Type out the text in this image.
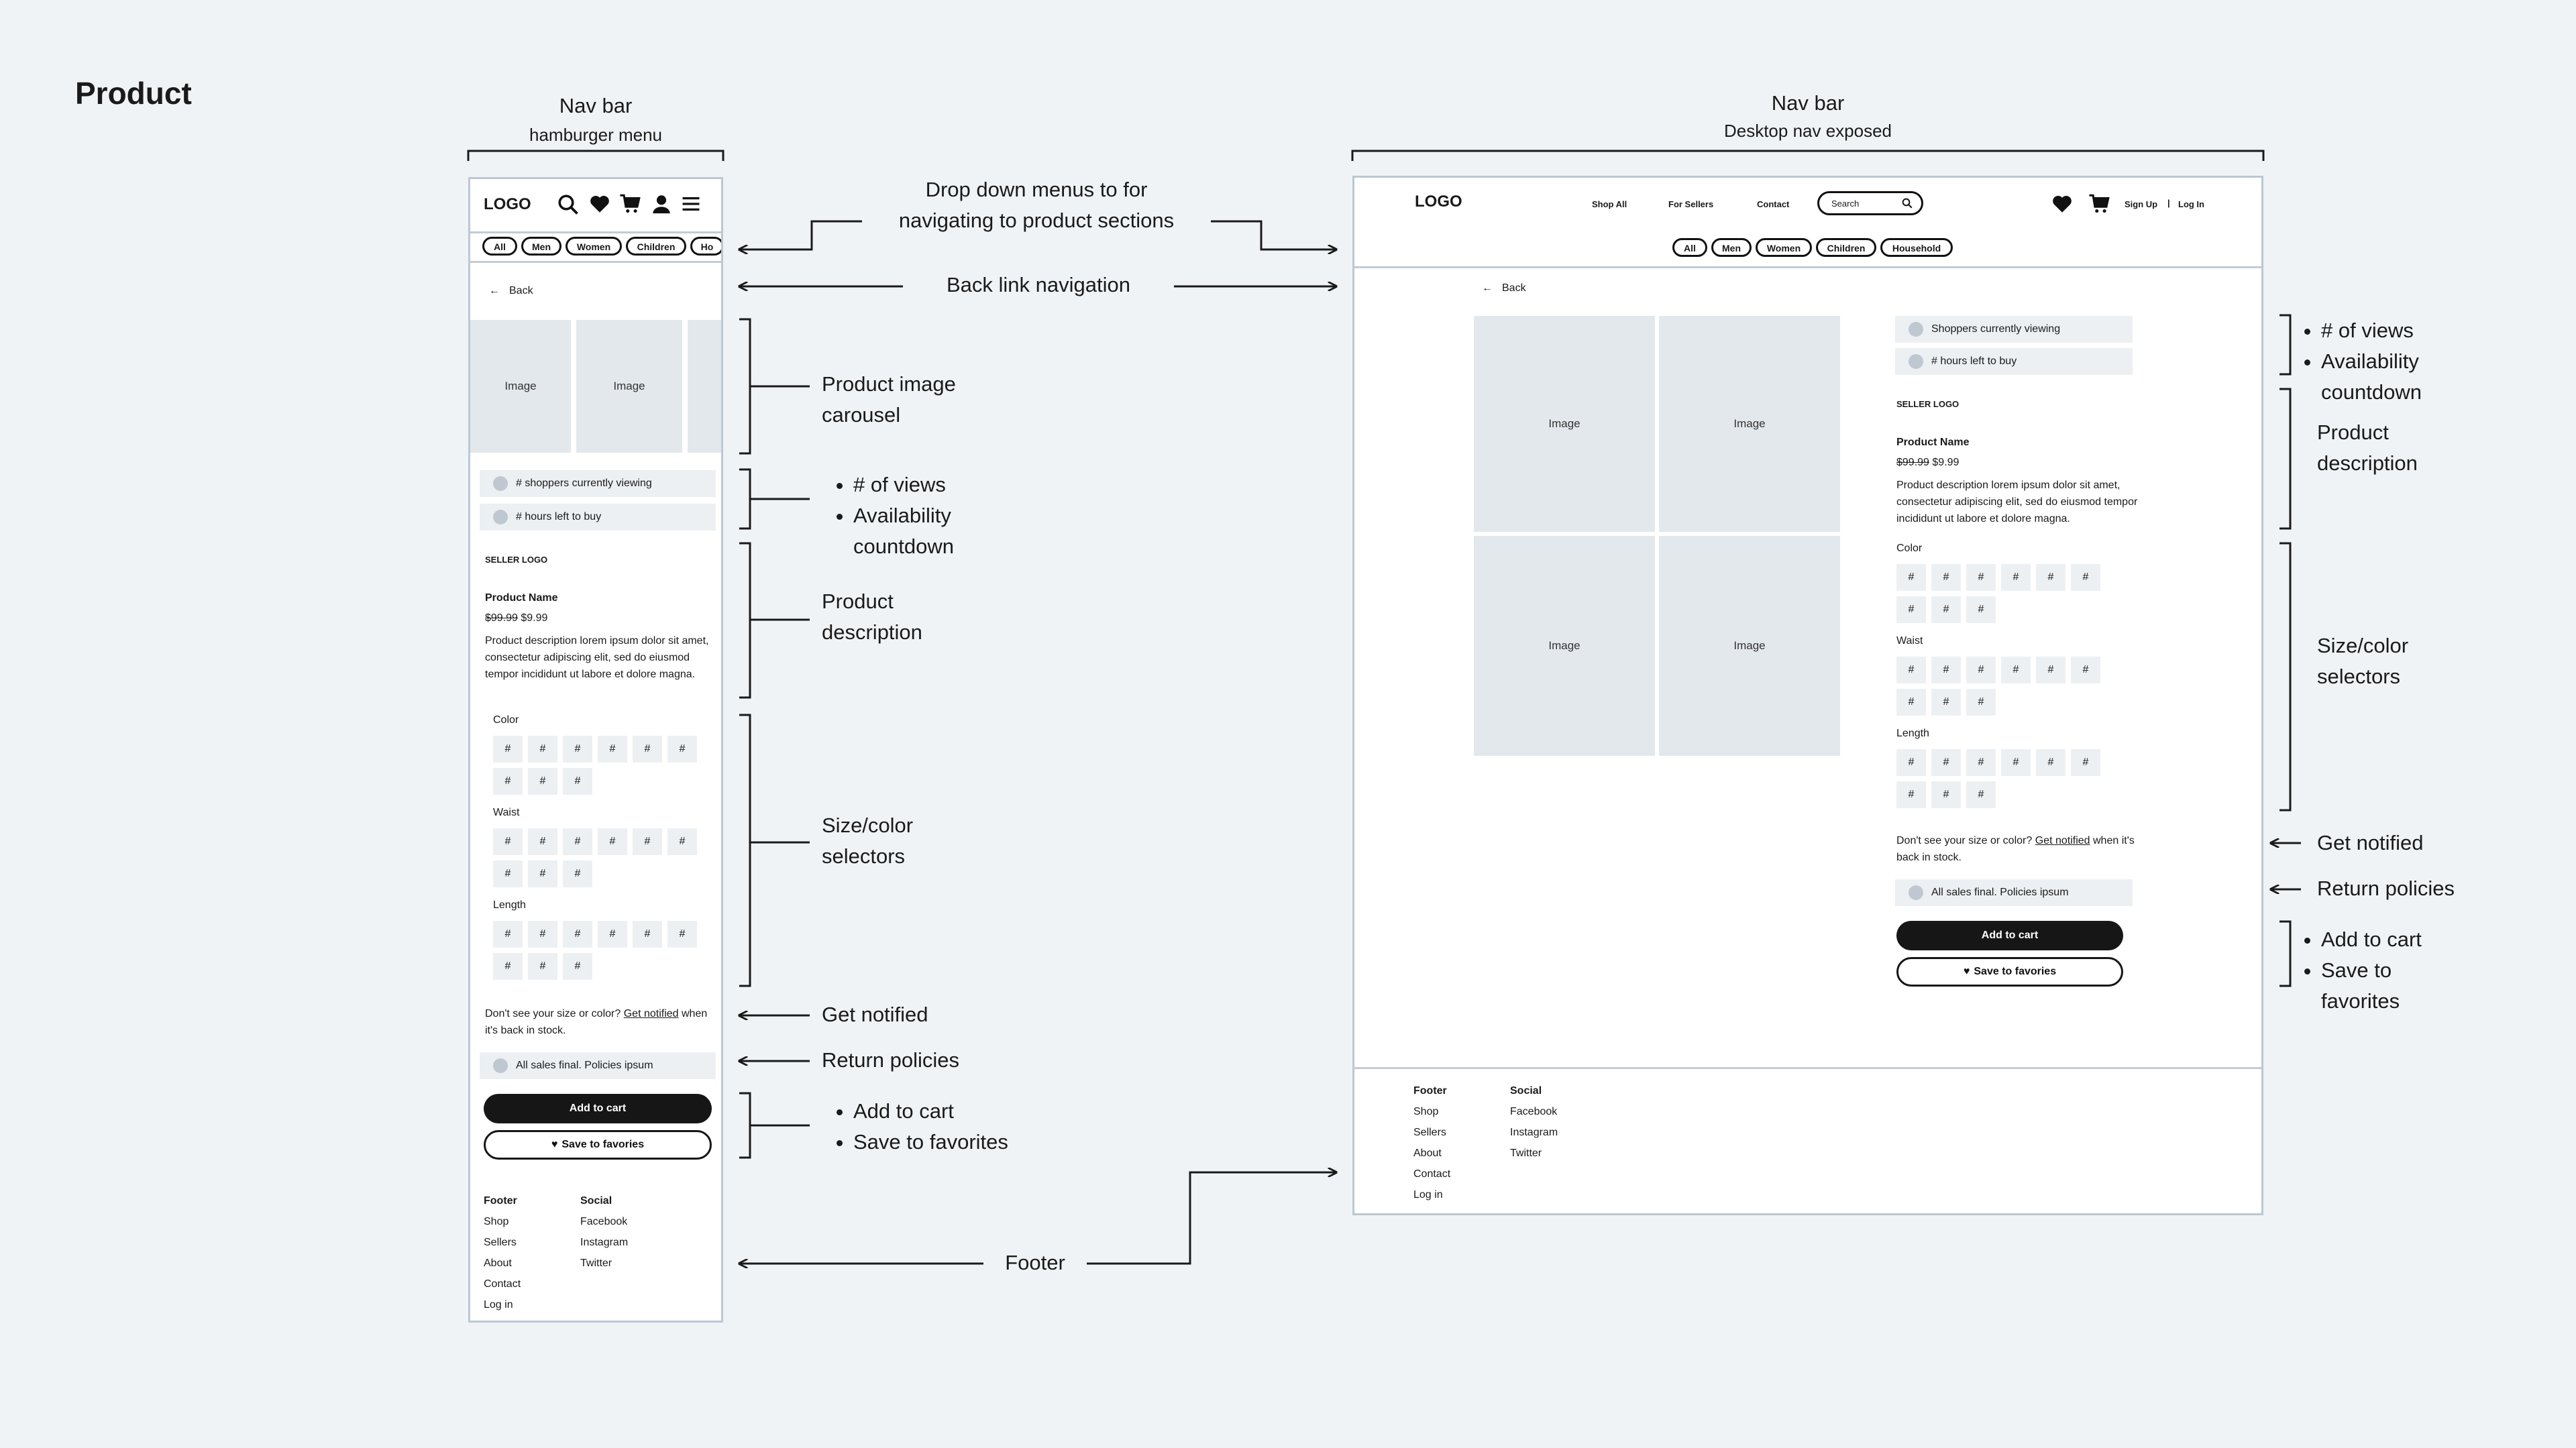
Product	Nav bar
hamburger menu
Nav bar
Desktop nav exposed
Drop down menus to for
navigating to product sections
Back link navigation
Product image
carousel
• # of views
• Availability countdown
Product
description
Size/color
selectors
Get notified
Return policies
• Add to cart
• Save to favorites
Footer
• # of views
• Availability countdown
Product
description
Size/color
selectors
Get notified
Return policies
• Add to cart
• Save to favorites
LOGO
All	Men	Women	Children	Ho
← Back
Image	Image
# shoppers currently viewing
# hours left to buy
SELLER LOGO
Product Name
$99.99 $9.99
Product description lorem ipsum dolor sit amet, consectetur adipiscing elit, sed do eiusmod tempor incididunt ut labore et dolore magna.
Color
#	#	#	#	#	#
#	#	#
Waist
#	#	#	#	#	#
#	#	#
Length
#	#	#	#	#	#
#	#	#
Don't see your size or color? Get notified when it's back in stock.
All sales final. Policies ipsum
Add to cart
♥ Save to favories
Footer
Shop
Sellers
About
Contact
Log in
Social
Facebook
Instagram
Twitter
LOGO	Shop All	For Sellers	Contact	Search	Sign Up | Log In
All	Men	Women	Children	Household
← Back
Image	Image
Image	Image
Shoppers currently viewing
# hours left to buy
SELLER LOGO
Product Name
$99.99 $9.99
Product description lorem ipsum dolor sit amet, consectetur adipiscing elit, sed do eiusmod tempor incididunt ut labore et dolore magna.
Color
#	#	#	#	#	#
#	#	#
Waist
#	#	#	#	#	#
#	#	#
Length
#	#	#	#	#	#
#	#	#
Don't see your size or color? Get notified when it's back in stock.
All sales final. Policies ipsum
Add to cart
♥ Save to favories
Footer
Shop
Sellers
About
Contact
Log in
Social
Facebook
Instagram
Twitter
